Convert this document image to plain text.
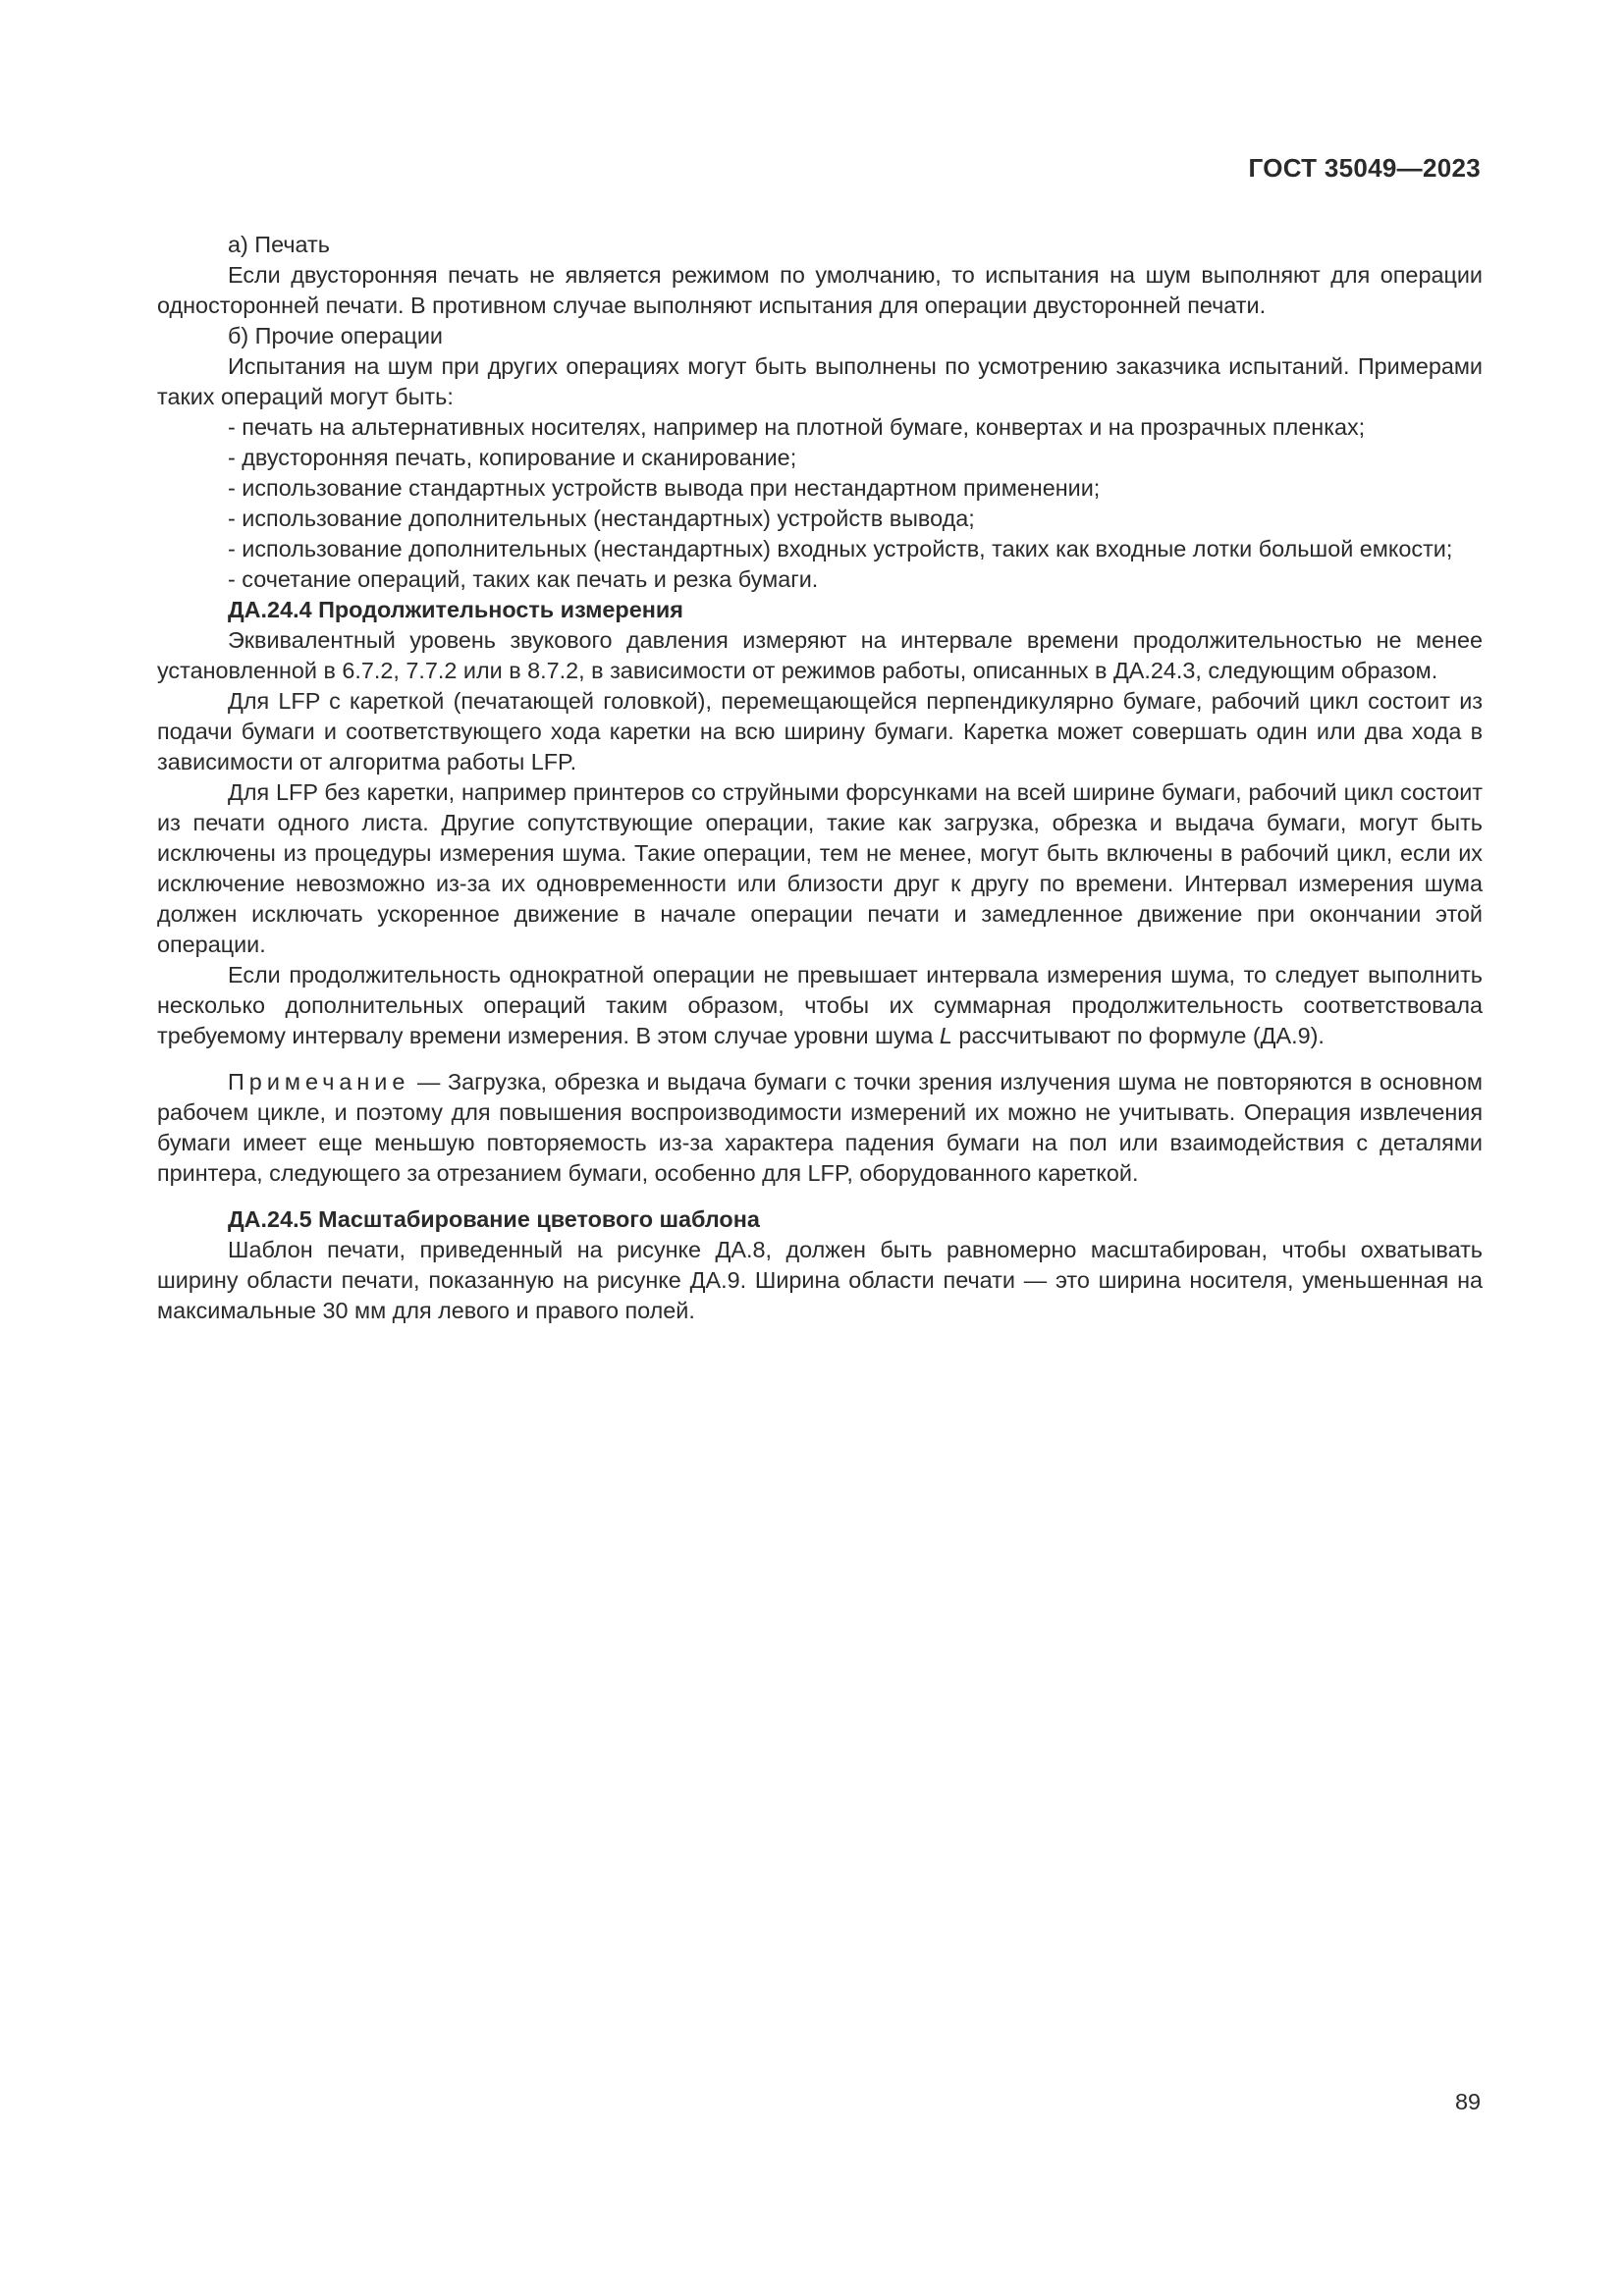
ГОСТ 35049—2023

а) Печать

Если двусторонняя печать не является режимом по умолчанию, то испытания на шум выполняют для операции односторонней печати. В противном случае выполняют испытания для операции двусторонней печати.

б) Прочие операции

Испытания на шум при других операциях могут быть выполнены по усмотрению заказчика испытаний. Примерами таких операций могут быть:

- печать на альтернативных носителях, например на плотной бумаге, конвертах и на прозрачных пленках;

- двусторонняя печать, копирование и сканирование;

- использование стандартных устройств вывода при нестандартном применении;

- использование дополнительных (нестандартных) устройств вывода;

- использование дополнительных (нестандартных) входных устройств, таких как входные лотки большой емкости;

- сочетание операций, таких как печать и резка бумаги.

ДА.24.4 Продолжительность измерения

Эквивалентный уровень звукового давления измеряют на интервале времени продолжительностью не менее установленной в 6.7.2, 7.7.2 или в 8.7.2, в зависимости от режимов работы, описанных в ДА.24.3, следующим образом.

Для LFP с кареткой (печатающей головкой), перемещающейся перпендикулярно бумаге, рабочий цикл состоит из подачи бумаги и соответствующего хода каретки на всю ширину бумаги. Каретка может совершать один или два хода в зависимости от алгоритма работы LFP.

Для LFP без каретки, например принтеров со струйными форсунками на всей ширине бумаги, рабочий цикл состоит из печати одного листа. Другие сопутствующие операции, такие как загрузка, обрезка и выдача бумаги, могут быть исключены из процедуры измерения шума. Такие операции, тем не менее, могут быть включены в рабочий цикл, если их исключение невозможно из-за их одновременности или близости друг к другу по времени. Интервал измерения шума должен исключать ускоренное движение в начале операции печати и замедленное движение при окончании этой операции.

Если продолжительность однократной операции не превышает интервала измерения шума, то следует выполнить несколько дополнительных операций таким образом, чтобы их суммарная продолжительность соответствовала требуемому интервалу времени измерения. В этом случае уровни шума L рассчитывают по формуле (ДА.9).

Примечание — Загрузка, обрезка и выдача бумаги с точки зрения излучения шума не повторяются в основном рабочем цикле, и поэтому для повышения воспроизводимости измерений их можно не учитывать. Операция извлечения бумаги имеет еще меньшую повторяемость из-за характера падения бумаги на пол или взаимодействия с деталями принтера, следующего за отрезанием бумаги, особенно для LFP, оборудованного кареткой.

ДА.24.5 Масштабирование цветового шаблона

Шаблон печати, приведенный на рисунке ДА.8, должен быть равномерно масштабирован, чтобы охватывать ширину области печати, показанную на рисунке ДА.9. Ширина области печати — это ширина носителя, уменьшенная на максимальные 30 мм для левого и правого полей.

89
